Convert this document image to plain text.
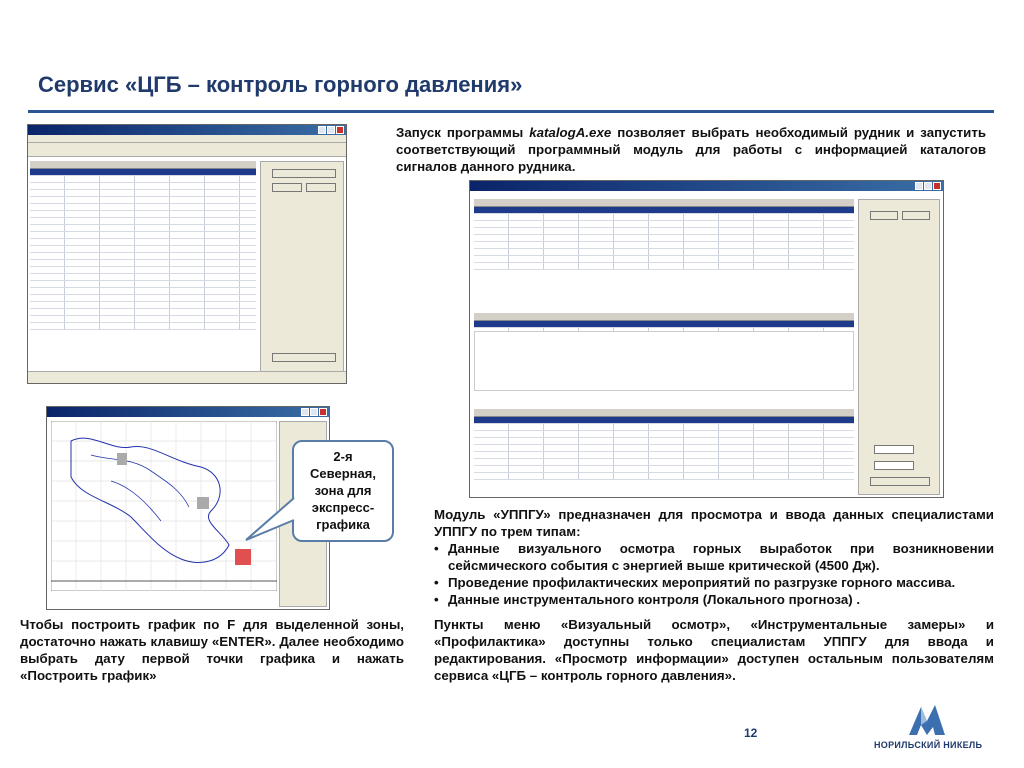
Сервис «ЦГБ – контроль горного давления»
2-я
Северная,
зона для
экспресс-
графика
Запуск программы katalogA.exe позволяет выбрать необходимый рудник и запустить соответствующий программный модуль для работы с информацией каталогов сигналов данного рудника.
Модуль «УППГУ» предназначен для просмотра и ввода данных специалистами УППГУ по трем типам:
• Данные визуального осмотра горных выработок при возникновении сейсмического события с энергией выше критической (4500 Дж).
• Проведение профилактических мероприятий по разгрузке горного массива.
• Данные инструментального контроля (Локального прогноза) .
Чтобы построить график по F для выделенной зоны, достаточно нажать клавишу «ENTER». Далее необходимо выбрать дату первой точки графика и нажать «Построить график»
Пункты меню «Визуальный осмотр», «Инструментальные замеры» и «Профилактика» доступны только специалистам УППГУ для ввода и редактирования. «Просмотр информации» доступен остальным пользователям сервиса «ЦГБ – контроль горного давления».
12
НОРИЛЬСКИЙ НИКЕЛЬ
